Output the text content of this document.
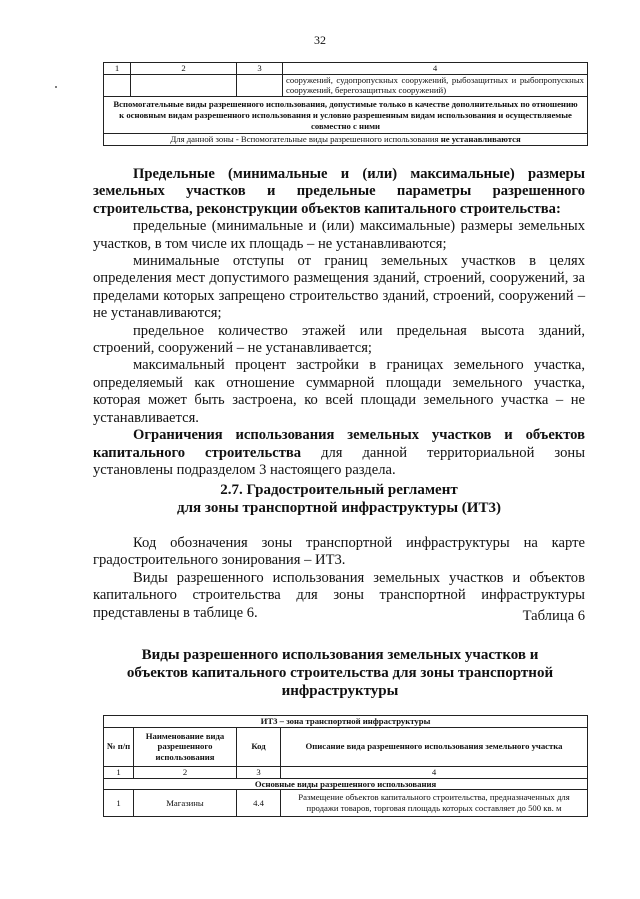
32
1	2	3	4
			сооружений, судопропускных сооружений, рыбозащитных и рыбопропускных сооружений, берегозащитных сооружений)
Вспомогательные виды разрешенного использования, допустимые только в качестве дополнительных по отношению к основным видам разрешенного использования и условно разрешенным видам использования и осуществляемые совместно с ними			
Для данной зоны - Вспомогательные виды разрешенного использования не устанавливаются			

Предельные (минимальные и (или) максимальные) размеры земельных участков и предельные параметры разрешенного строительства, реконструкции объектов капитального строительства:

предельные (минимальные и (или) максимальные) размеры земельных участков, в том числе их площадь – не устанавливаются;

минимальные отступы от границ земельных участков в целях определения мест допустимого размещения зданий, строений, сооружений, за пределами которых запрещено строительство зданий, строений, сооружений – не устанавливаются;

предельное количество этажей или предельная высота зданий, строений, сооружений – не устанавливается;

максимальный процент застройки в границах земельного участка, определяемый как отношение суммарной площади земельного участка, которая может быть застроена, ко всей площади земельного участка – не устанавливается.

Ограничения использования земельных участков и объектов капитального строительства для данной территориальной зоны установлены подразделом 3 настоящего раздела.

2.7. Градостроительный регламент
для зоны транспортной инфраструктуры (ИТ3)

Код обозначения зоны транспортной инфраструктуры на карте градостроительного зонирования – ИТ3.

Виды разрешенного использования земельных участков и объектов капитального строительства для зоны транспортной инфраструктуры представлены в таблице 6.	Таблица 6
Виды разрешенного использования земельных участков и объектов капитального строительства для зоны транспортной инфраструктуры
ИТ3 – зона транспортной инфраструктуры			
№ п/п	Наименование вида разрешенного использования	Код	Описание вида разрешенного использования земельного участка
1	2	3	4
Основные виды разрешенного использования			
1	Магазины	4.4	Размещение объектов капитального строительства, предназначенных для продажи товаров, торговая площадь которых составляет до 500 кв. м
